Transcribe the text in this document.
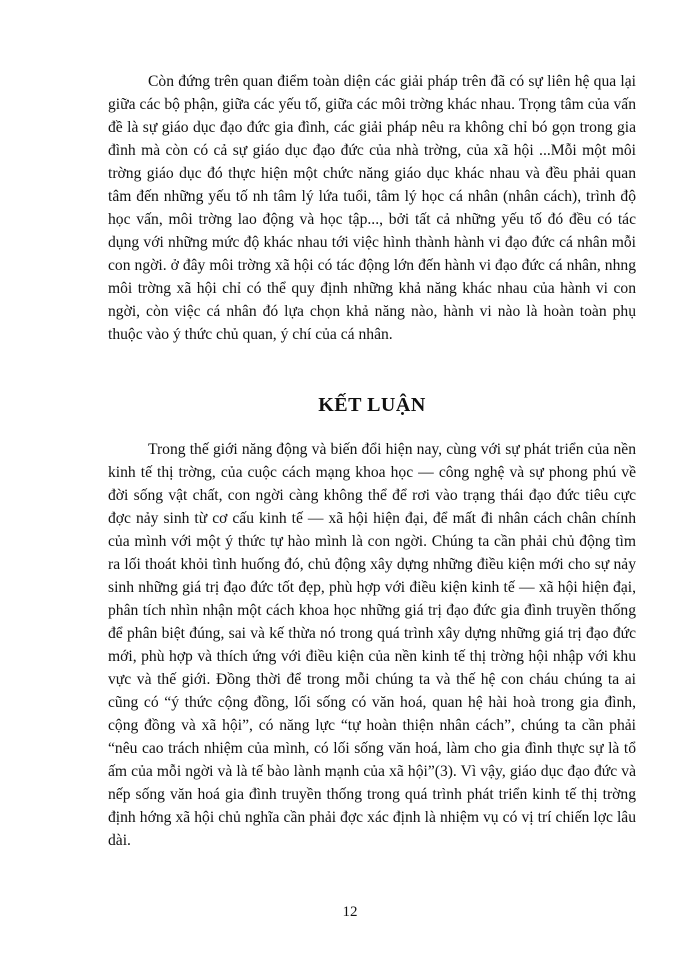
Còn đứng trên quan điểm toàn diện các giải pháp trên đã có sự liên hệ qua lại giữa các bộ phận, giữa các yếu tố, giữa các môi trờng khác nhau. Trọng tâm của vấn đề là sự giáo dục đạo đức gia đình, các giải pháp nêu ra không chỉ bó gọn trong gia đình mà còn có cả sự giáo dục đạo đức của nhà trờng, của xã hội ...Mỗi một môi trờng giáo dục đó thực hiện một chức năng giáo dục khác nhau và đều phải quan tâm đến những yếu tố nh tâm lý lứa tuổi, tâm lý học cá nhân (nhân cách), trình độ học vấn, môi trờng lao động và học tập..., bởi tất cả những yếu tố đó đều có tác dụng với những mức độ khác nhau tới việc hình thành hành vi đạo đức cá nhân mỗi con ngời. ở đây môi trờng xã hội có tác động lớn đến hành vi đạo đức cá nhân, nhng môi trờng xã hội chỉ có thể quy định những khả năng khác nhau của hành vi con ngời, còn việc cá nhân đó lựa chọn khả năng nào, hành vi nào là hoàn toàn phụ thuộc vào ý thức chủ quan, ý chí của cá nhân.

KẾT LUẬN

Trong thế giới năng động và biến đổi hiện nay, cùng với sự phát triển của nền kinh tế thị trờng, của cuộc cách mạng khoa học — công nghệ và sự phong phú về đời sống vật chất, con ngời càng không thể để rơi vào trạng thái đạo đức tiêu cực đợc nảy sinh từ cơ cấu kinh tế — xã hội hiện đại, để mất đi nhân cách chân chính của mình với một ý thức tự hào mình là con ngời. Chúng ta cần phải chủ động tìm ra lối thoát khỏi tình huống đó, chủ động xây dựng những điều kiện mới cho sự nảy sinh những giá trị đạo đức tốt đẹp, phù hợp với điều kiện kinh tế — xã hội hiện đại, phân tích nhìn nhận một cách khoa học những giá trị đạo đức gia đình truyền thống để phân biệt đúng, sai và kế thừa nó trong quá trình xây dựng những giá trị đạo đức mới, phù hợp và thích ứng với điều kiện của nền kinh tế thị trờng hội nhập với khu vực và thế giới. Đồng thời để trong mỗi chúng ta và thế hệ con cháu chúng ta ai cũng có “ý thức cộng đồng, lối sống có văn hoá, quan hệ hài hoà trong gia đình, cộng đồng và xã hội”, có năng lực “tự hoàn thiện nhân cách”, chúng ta cần phải “nêu cao trách nhiệm của mình, có lối sống văn hoá, làm cho gia đình thực sự là tổ ấm của mỗi ngời và là tế bào lành mạnh của xã hội”(3). Vì vậy, giáo dục đạo đức và nếp sống văn hoá gia đình truyền thống trong quá trình phát triển kinh tế thị trờng định hớng xã hội chủ nghĩa cần phải đợc xác định là nhiệm vụ có vị trí chiến lợc lâu dài.

12
